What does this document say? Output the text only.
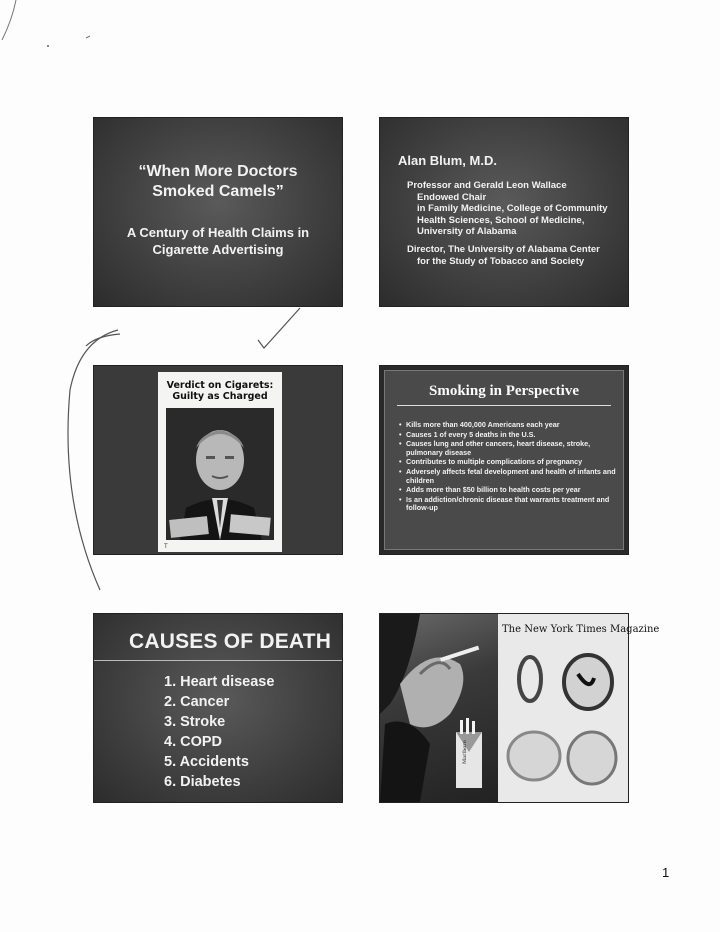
“When More Doctors
Smoked Camels”
A Century of Health Claims in
Cigarette Advertising
Alan Blum, M.D.
Professor and Gerald Leon Wallace
Endowed Chair
in Family Medicine, College of Community
Health Sciences, School of Medicine,
University of Alabama
Director, The University of Alabama Center
for the Study of Tobacco and Society
Verdict on Cigarets:
Guilty as Charged
T
Smoking in Perspective
• Kills more than 400,000 Americans each year
• Causes 1 of every 5 deaths in the U.S.
• Causes lung and other cancers, heart disease, stroke, pulmonary disease
• Contributes to multiple complications of pregnancy
• Adversely affects fetal development and health of infants and children
• Adds more than $50 billion to health costs per year
• Is an addiction/chronic disease that warrants treatment and follow-up
CAUSES OF DEATH
1. Heart disease
2. Cancer
3. Stroke
4. COPD
5. Accidents
6. Diabetes
Marlboro
The New York Times Magazine
1
